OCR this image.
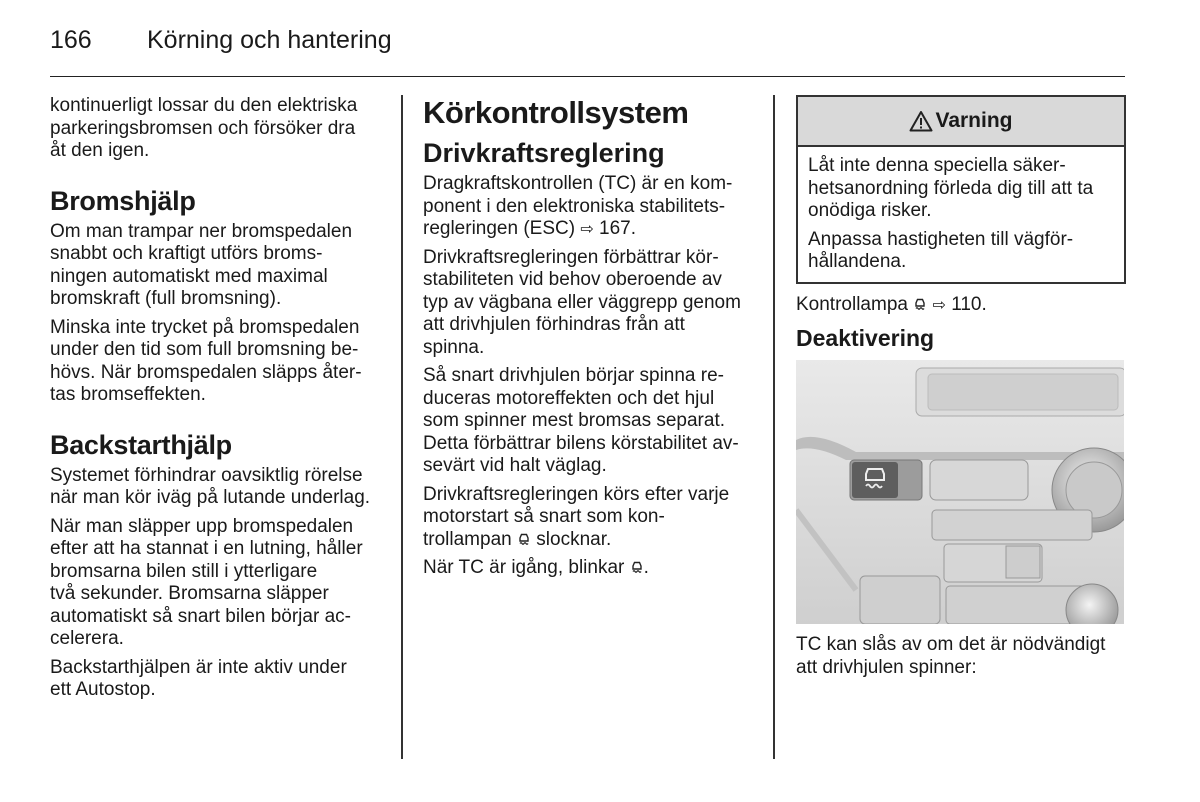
166 Körning och hantering

kontinuerligt lossar du den elektriska
parkeringsbromsen och försöker dra
åt den igen.

Bromshjälp

Om man trampar ner bromspedalen
snabbt och kraftigt utförs broms-
ningen automatiskt med maximal
bromskraft (full bromsning).

Minska inte trycket på bromspedalen
under den tid som full bromsning be-
hövs. När bromspedalen släpps åter-
tas bromseffekten.

Backstarthjälp

Systemet förhindrar oavsiktlig rörelse
när man kör iväg på lutande underlag.

När man släpper upp bromspedalen
efter att ha stannat i en lutning, håller
bromsarna bilen still i ytterligare
två sekunder. Bromsarna släpper
automatiskt så snart bilen börjar ac-
celerera.

Backstarthjälpen är inte aktiv under
ett Autostop.

Körkontrollsystem
Drivkraftsreglering

Dragkraftskontrollen (TC) är en kom-
ponent i den elektroniska stabilitets-
regleringen (ESC) ⇨ 167.

Drivkraftsregleringen förbättrar kör-
stabiliteten vid behov oberoende av
typ av vägbana eller väggrepp genom
att drivhjulen förhindras från att
spinna.

Så snart drivhjulen börjar spinna re-
duceras motoreffekten och det hjul
som spinner mest bromsas separat.
Detta förbättrar bilens körstabilitet av-
sevärt vid halt väglag.

Drivkraftsregleringen körs efter varje
motorstart så snart som kon-
trollampan slocknar.

När TC är igång, blinkar .

Varning

Låt inte denna speciella säker-
hetsanordning förleda dig till att ta
onödiga risker.

Anpassa hastigheten till vägför-
hållandena.

Kontrollampa ⇨ 110.

Deaktivering

TC kan slås av om det är nödvändigt
att drivhjulen spinner:
